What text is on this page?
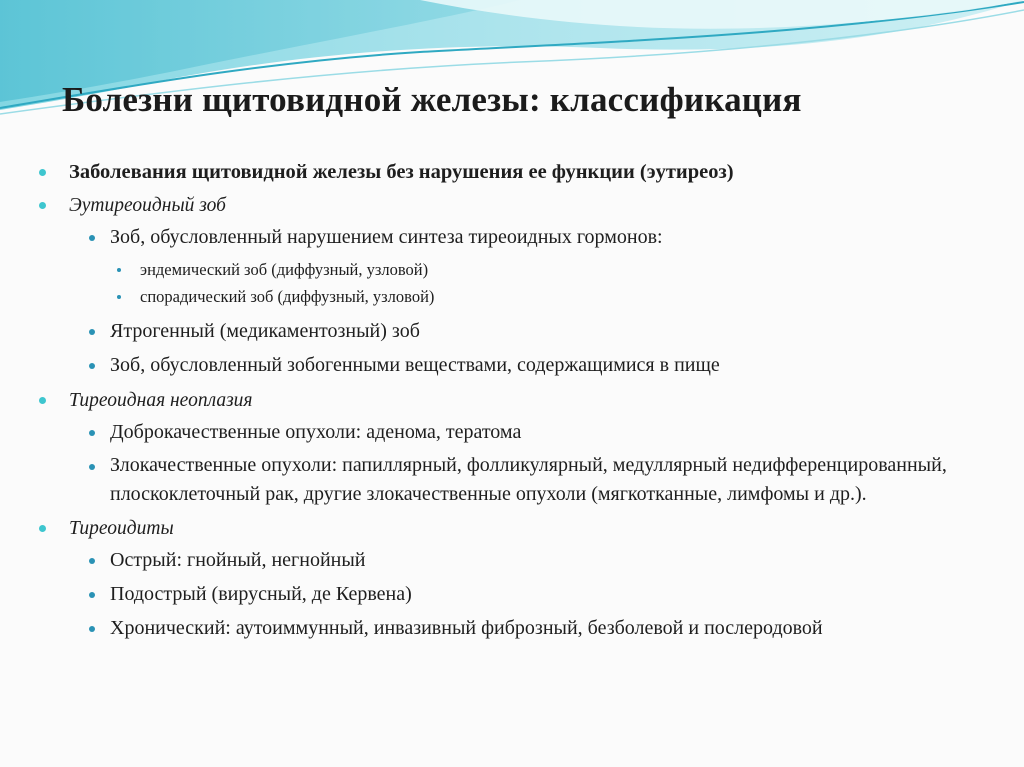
Болезни щитовидной железы: классификация
Заболевания щитовидной железы без нарушения ее функции (эутиреоз)
Эутиреоидный зоб
Зоб, обусловленный нарушением синтеза тиреоидных гормонов:
эндемический зоб (диффузный, узловой)
спорадический зоб (диффузный, узловой)
Ятрогенный (медикаментозный) зоб
Зоб, обусловленный зобогенными веществами, содержащимися в пище
Тиреоидная неоплазия
Доброкачественные опухоли: аденома, тератома
Злокачественные опухоли: папиллярный, фолликулярный, медуллярный недифференцированный, плоскоклеточный рак, другие злокачественные опухоли (мягкотканные, лимфомы и др.).
Тиреоидиты
Острый: гнойный, негнойный
Подострый (вирусный, де Кервена)
Хронический: аутоиммунный, инвазивный фиброзный, безболевой и послеродовой
